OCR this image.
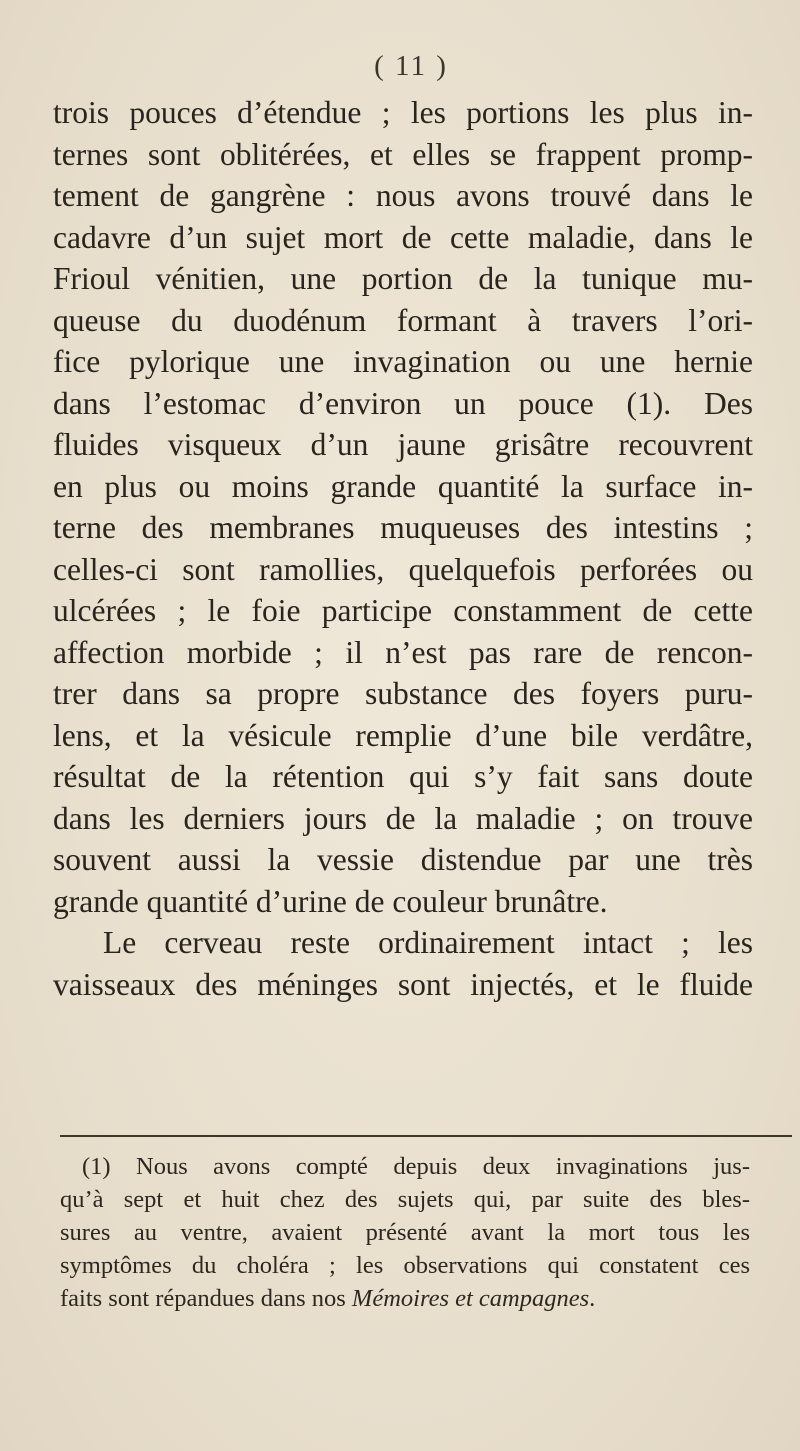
( 11 )
trois pouces d’étendue ; les portions les plus in-
ternes sont oblitérées, et elles se frappent promp-
tement de gangrène : nous avons trouvé dans le
cadavre d’un sujet mort de cette maladie, dans le
Frioul vénitien, une portion de la tunique mu-
queuse du duodénum formant à travers l’ori-
fice pylorique une invagination ou une hernie
dans l’estomac d’environ un pouce (1). Des
fluides visqueux d’un jaune grisâtre recouvrent
en plus ou moins grande quantité la surface in-
terne des membranes muqueuses des intestins ;
celles-ci sont ramollies, quelquefois perforées ou
ulcérées ; le foie participe constamment de cette
affection morbide ; il n’est pas rare de rencon-
trer dans sa propre substance des foyers puru-
lens, et la vésicule remplie d’une bile verdâtre,
résultat de la rétention qui s’y fait sans doute
dans les derniers jours de la maladie ; on trouve
souvent aussi la vessie distendue par une très
grande quantité d’urine de couleur brunâtre.
Le cerveau reste ordinairement intact ; les
vaisseaux des méninges sont injectés, et le fluide
(1) Nous avons compté depuis deux invaginations jus-
qu’à sept et huit chez des sujets qui, par suite des bles-
sures au ventre, avaient présenté avant la mort tous les
symptômes du choléra ; les observations qui constatent ces
faits sont répandues dans nos Mémoires et campagnes.
